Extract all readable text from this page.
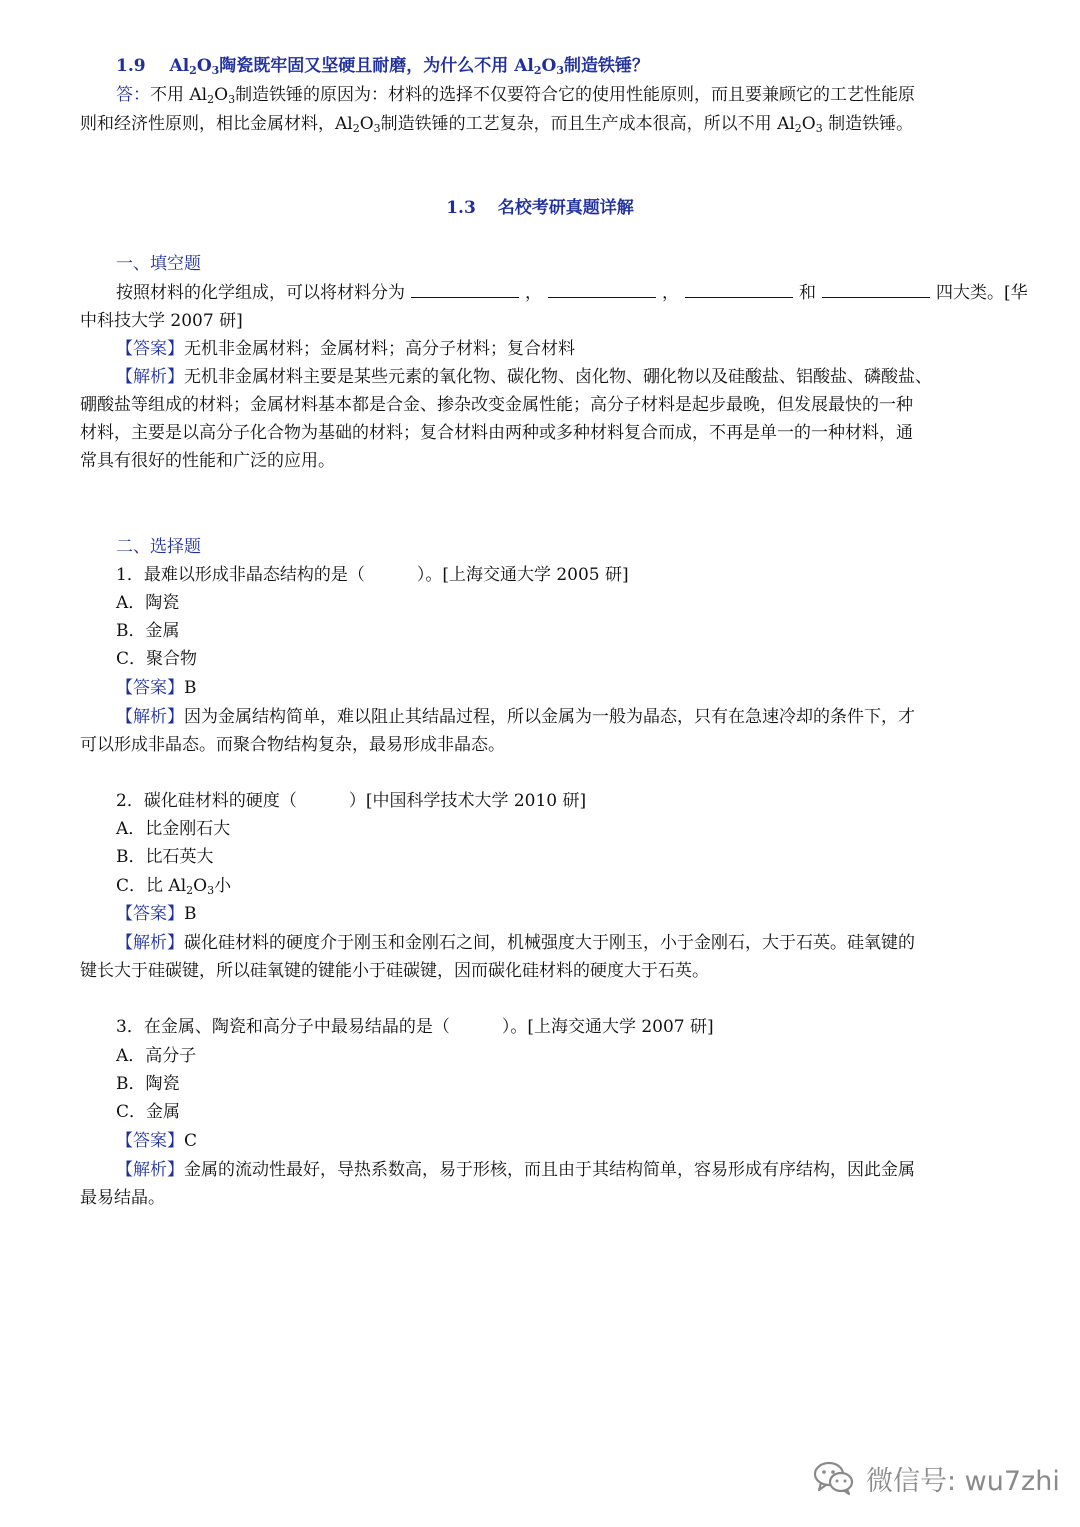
1.9 $Al_2O_3$陶瓷既牢固又坚硬且耐磨，为什么不用 $Al_2O_3$制造铁锤？
答：不用 $Al_2O_3$制造铁锤的原因为：材料的选择不仅要符合它的使用性能原则，而且要兼顾它的工艺性能原
则和经济性原则，相比金属材料，$Al_2O_3$制造铁锤的工艺复杂，而且生产成本很高，所以不用 $Al_2O_3$ 制造铁锤。
1.3 名校考研真题详解
一、填空题
按照材料的化学组成，可以将材料分为	，	，	和	四大类。[华
中科技大学 2007 研]
【答案】无机非金属材料；金属材料；高分子材料；复合材料
【解析】无机非金属材料主要是某些元素的氧化物、碳化物、卤化物、硼化物以及硅酸盐、铝酸盐、磷酸盐、
硼酸盐等组成的材料；金属材料基本都是合金、掺杂改变金属性能；高分子材料是起步最晚，但发展最快的一种
材料，主要是以高分子化合物为基础的材料；复合材料由两种或多种材料复合而成，不再是单一的一种材料，通
常具有很好的性能和广泛的应用。
二、选择题
1．最难以形成非晶态结构的是（	）。[上海交通大学 2005 研]
A．陶瓷
B．金属
C．聚合物
【答案】B
【解析】因为金属结构简单，难以阻止其结晶过程，所以金属为一般为晶态，只有在急速冷却的条件下，才
可以形成非晶态。而聚合物结构复杂，最易形成非晶态。
2．碳化硅材料的硬度（	）[中国科学技术大学 2010 研]
A．比金刚石大
B．比石英大
C．比 $Al_2O_3$小
【答案】B
【解析】碳化硅材料的硬度介于刚玉和金刚石之间，机械强度大于刚玉，小于金刚石，大于石英。硅氧键的
键长大于硅碳键，所以硅氧键的键能小于硅碳键，因而碳化硅材料的硬度大于石英。
3．在金属、陶瓷和高分子中最易结晶的是（	）。[上海交通大学 2007 研]
A．高分子
B．陶瓷
C．金属
【答案】C
【解析】金属的流动性最好，导热系数高，易于形核，而且由于其结构简单，容易形成有序结构，因此金属
最易结晶。
微信号: wu7zhi
